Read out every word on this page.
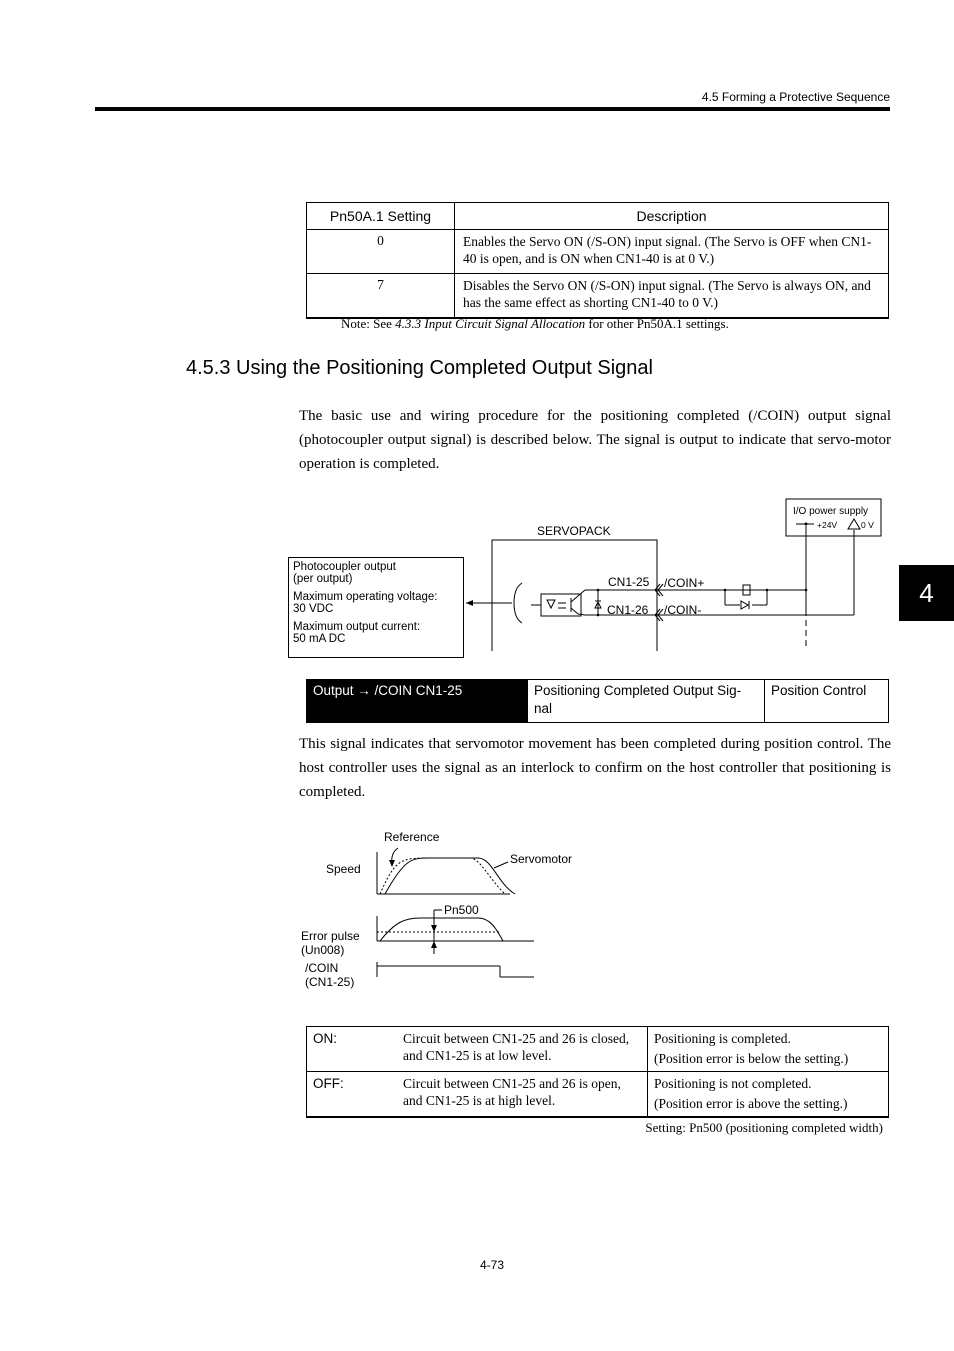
4.5 Forming a Protective Sequence
4
Pn50A.1 Setting	Description
0	Enables the Servo ON (/S-ON) input signal. (The Servo is OFF when CN1-40 is open, and is ON when CN1-40 is at 0 V.)
7	Disables the Servo ON (/S-ON) input signal. (The Servo is always ON, and has the same effect as shorting CN1-40 to 0 V.)
Note: See 4.3.3 Input Circuit Signal Allocation for other Pn50A.1 settings.
4.5.3 Using the Positioning Completed Output Signal
The basic use and wiring procedure for the positioning completed (/COIN) output signal (photocoupler output signal) is described below. The signal is output to indicate that servo-motor operation is completed.
SERVOPACK
I/O power supply
+24V	0 V
CN1-25
CN1-26
/COIN+
/COIN-
Photocoupler output
(per output)
Maximum operating voltage:
30 VDC
Maximum output current:
50 mA DC
Output → /COIN CN1-25	Positioning Completed Output Sig-nal	Position Control
This signal indicates that servomotor movement has been completed during position control. The host controller uses the signal as an interlock to confirm on the host controller that positioning is completed.
Reference
Servomotor
Speed
Error pulse
(Un008)
Pn500
/COIN
(CN1-25)
ON:	Circuit between CN1-25 and 26 is closed, and CN1-25 is at low level.	Positioning is completed.
(Position error is below the setting.)

OFF:	Circuit between CN1-25 and 26 is open, and CN1-25 is at high level.	Positioning is not completed.
(Position error is above the setting.)
Setting: Pn500 (positioning completed width)
4-73
